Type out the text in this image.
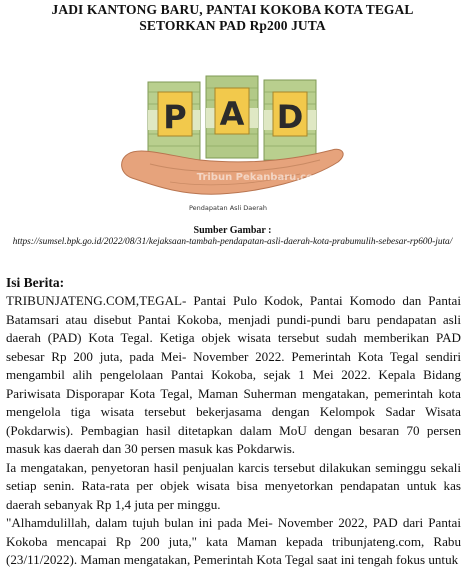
JADI KANTONG BARU, PANTAI KOKOBA KOTA TEGAL
SETORKAN PAD Rp200 JUTA
P A D
Tribun Pekanbaru.com
Pendapatan Asli Daerah
Sumber Gambar :
https://sumsel.bpk.go.id/2022/08/31/kejaksaan-tambah-pendapatan-asli-daerah-kota-prabumulih-sebesar-rp600-juta/
Isi Berita:

TRIBUNJATENG.COM,TEGAL- Pantai Pulo Kodok, Pantai Komodo dan Pantai Batamsari atau disebut Pantai Kokoba, menjadi pundi-pundi baru pendapatan asli daerah (PAD) Kota Tegal. Ketiga objek wisata tersebut sudah memberikan PAD sebesar Rp 200 juta, pada Mei- November 2022. Pemerintah Kota Tegal sendiri mengambil alih pengelolaan Pantai Kokoba, sejak 1 Mei 2022. Kepala Bidang Pariwisata Disporapar Kota Tegal, Maman Suherman mengatakan, pemerintah kota mengelola tiga wisata tersebut bekerjasama dengan Kelompok Sadar Wisata (Pokdarwis). Pembagian hasil ditetapkan dalam MoU dengan besaran 70 persen masuk kas daerah dan 30 persen masuk kas Pokdarwis.

Ia mengatakan, penyetoran hasil penjualan karcis tersebut dilakukan seminggu sekali setiap senin. Rata-rata per objek wisata bisa menyetorkan pendapatan untuk kas daerah sebanyak Rp 1,4 juta per minggu.

"Alhamdulillah, dalam tujuh bulan ini pada Mei- November 2022, PAD dari Pantai Kokoba mencapai Rp 200 juta," kata Maman kepada tribunjateng.com, Rabu (23/11/2022). Maman mengatakan, Pemerintah Kota Tegal saat ini tengah fokus untuk
